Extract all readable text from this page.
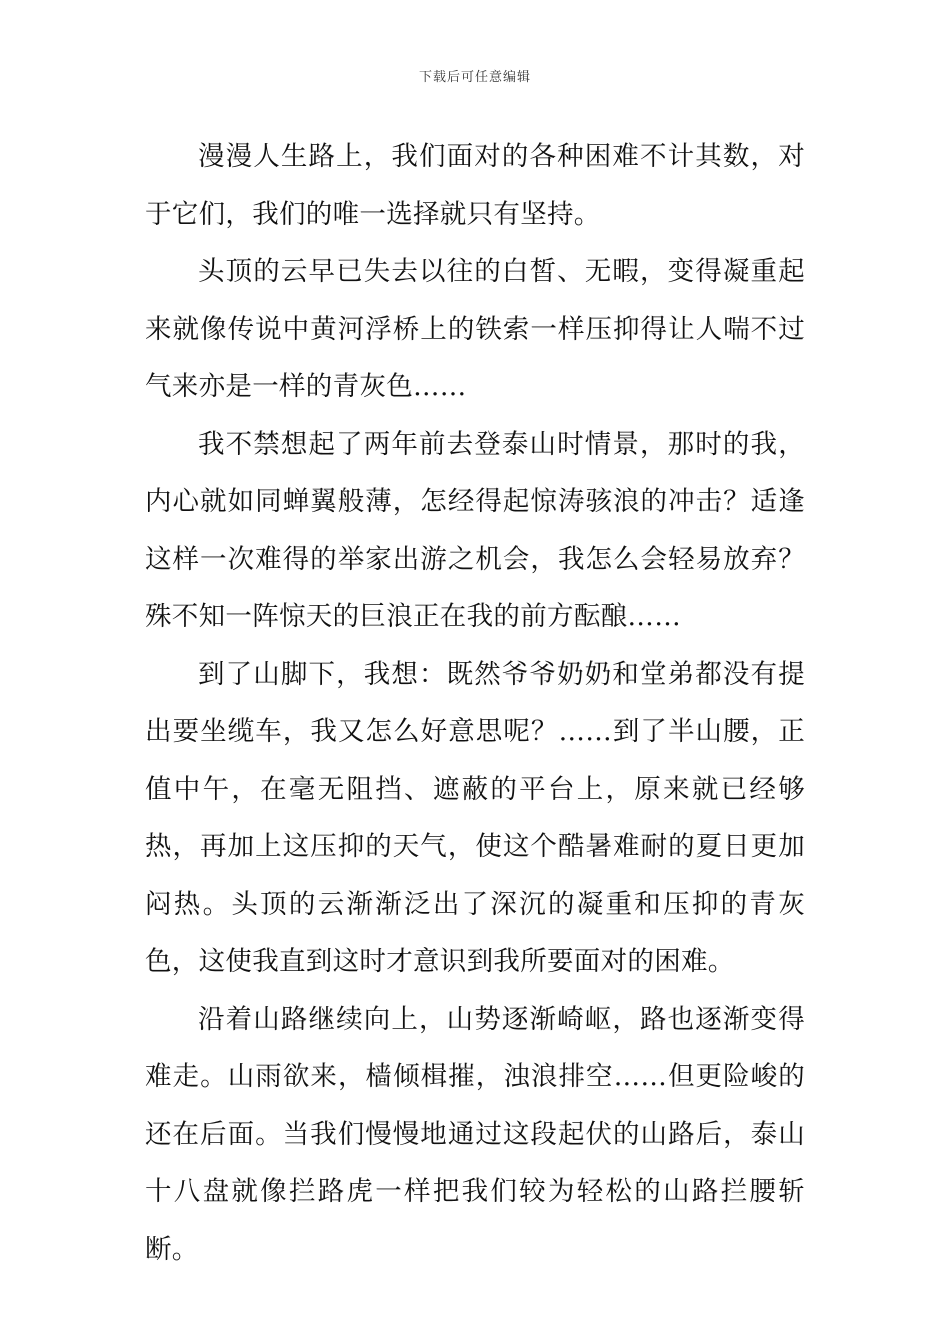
下载后可任意编辑

漫漫人生路上，我们面对的各种困难不计其数，对于它们，我们的唯一选择就只有坚持。

头顶的云早已失去以往的白皙、无暇，变得凝重起来就像传说中黄河浮桥上的铁索一样压抑得让人喘不过气来亦是一样的青灰色……

我不禁想起了两年前去登泰山时情景，那时的我，内心就如同蝉翼般薄，怎经得起惊涛骇浪的冲击？适逢这样一次难得的举家出游之机会，我怎么会轻易放弃？殊不知一阵惊天的巨浪正在我的前方酝酿……

到了山脚下，我想：既然爷爷奶奶和堂弟都没有提出要坐缆车，我又怎么好意思呢？……到了半山腰，正值中午，在毫无阻挡、遮蔽的平台上，原来就已经够热，再加上这压抑的天气，使这个酷暑难耐的夏日更加闷热。头顶的云渐渐泛出了深沉的凝重和压抑的青灰色，这使我直到这时才意识到我所要面对的困难。

沿着山路继续向上，山势逐渐崎岖，路也逐渐变得难走。山雨欲来，樯倾楫摧，浊浪排空……但更险峻的还在后面。当我们慢慢地通过这段起伏的山路后，泰山十八盘就像拦路虎一样把我们较为轻松的山路拦腰斩断。
